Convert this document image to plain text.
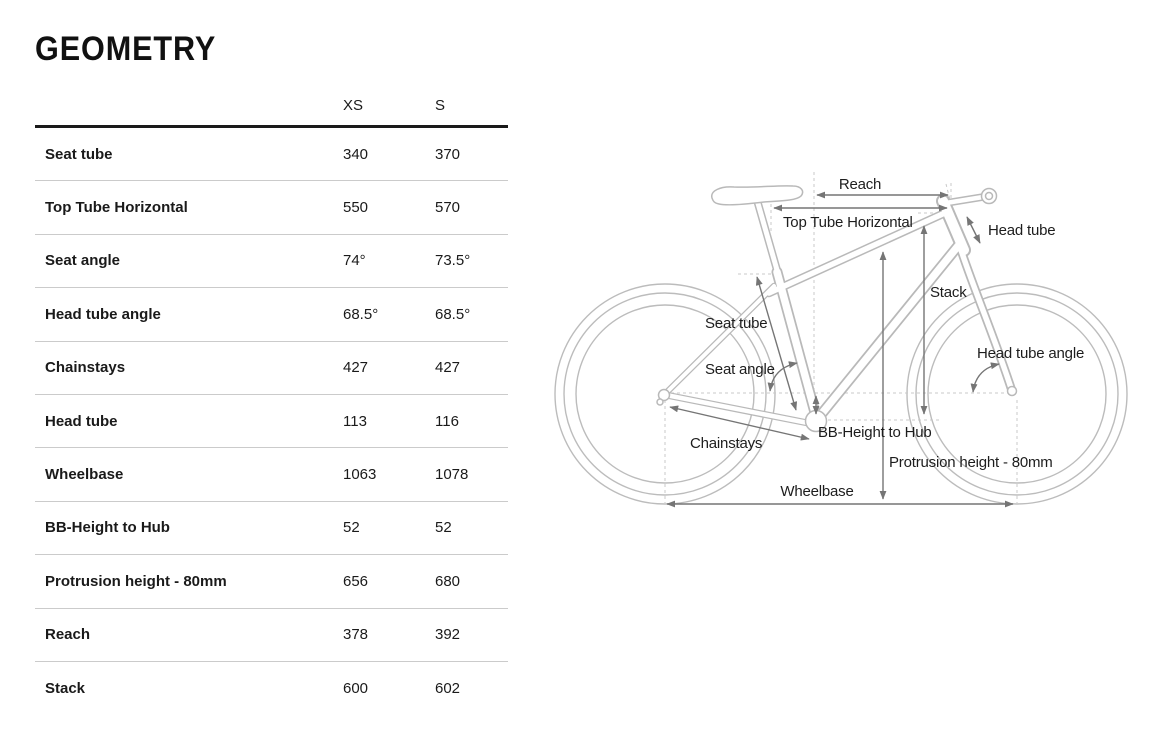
GEOMETRY
XS	S
Seat tube	340	370
Top Tube Horizontal	550	570
Seat angle	74°	73.5°
Head tube angle	68.5°	68.5°
Chainstays	427	427
Head tube	113	116
Wheelbase	1063	1078
BB-Height to Hub	52	52
Protrusion height - 80mm	656	680
Reach	378	392
Stack	600	602
Reach
Top Tube Horizontal	Head tube
Stack
Head tube angle
Seat tube
Seat angle
Chainstays
BB-Height to Hub
Protrusion height - 80mm
Wheelbase
